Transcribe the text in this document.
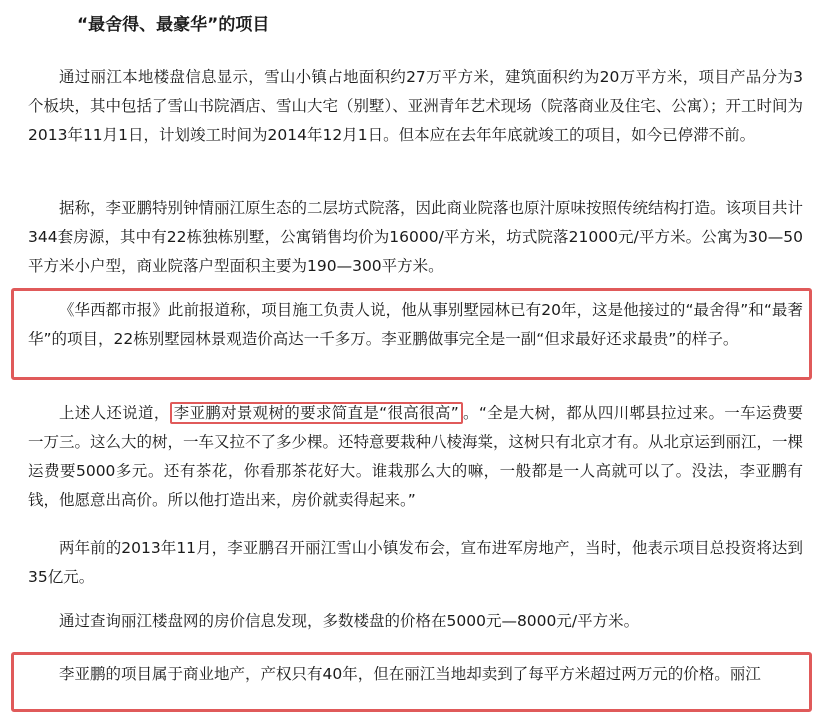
“最舍得、最豪华”的项目

通过丽江本地楼盘信息显示，雪山小镇占地面积约27万平方米，建筑面积约为20万平方米，项目产品分为3个板块，其中包括了雪山书院酒店、雪山大宅（别墅）、亚洲青年艺术现场（院落商业及住宅、公寓）；开工时间为2013年11月1日，计划竣工时间为2014年12月1日。但本应在去年年底就竣工的项目，如今已停滞不前。

据称，李亚鹏特别钟情丽江原生态的二层坊式院落，因此商业院落也原汁原味按照传统结构打造。该项目共计344套房源，其中有22栋独栋别墅，公寓销售均价为16000/平方米，坊式院落21000元/平方米。公寓为30—50平方米小户型，商业院落户型面积主要为190—300平方米。

《华西都市报》此前报道称，项目施工负责人说，他从事别墅园林已有20年，这是他接过的“最舍得”和“最奢华”的项目，22栋别墅园林景观造价高达一千多万。李亚鹏做事完全是一副“但求最好还求最贵”的样子。

上述人还说道， 李亚鹏对景观树的要求简直是“很高很高” 。“全是大树，都从四川郫县拉过来。一车运费要一万三。这么大的树，一车又拉不了多少棵。还特意要栽种八棱海棠，这树只有北京才有。从北京运到丽江，一棵运费要5000多元。还有茶花，你看那茶花好大。谁栽那么大的嘛，一般都是一人高就可以了。没法，李亚鹏有钱，他愿意出高价。所以他打造出来，房价就卖得起来。”

两年前的2013年11月，李亚鹏召开丽江雪山小镇发布会，宣布进军房地产，当时，他表示项目总投资将达到35亿元。

通过查询丽江楼盘网的房价信息发现，多数楼盘的价格在5000元—8000元/平方米。

李亚鹏的项目属于商业地产，产权只有40年，但在丽江当地却卖到了每平方米超过两万元的价格。丽江
